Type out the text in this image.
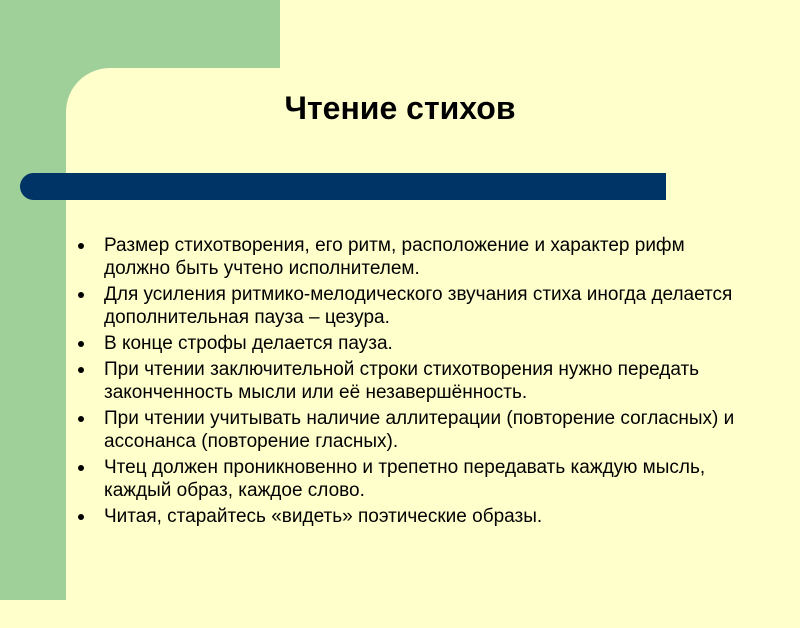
Чтение стихов
Размер стихотворения, его ритм, расположение и характер рифм должно быть учтено исполнителем.
Для усиления ритмико-мелодического звучания стиха иногда делается дополнительная пауза – цезура.
В конце строфы делается пауза.
При чтении заключительной строки стихотворения нужно передать законченность мысли или её незавершённость.
При чтении учитывать наличие аллитерации (повторение согласных) и ассонанса (повторение гласных).
Чтец должен проникновенно и трепетно передавать каждую мысль, каждый образ, каждое слово.
Читая, старайтесь «видеть» поэтические образы.
